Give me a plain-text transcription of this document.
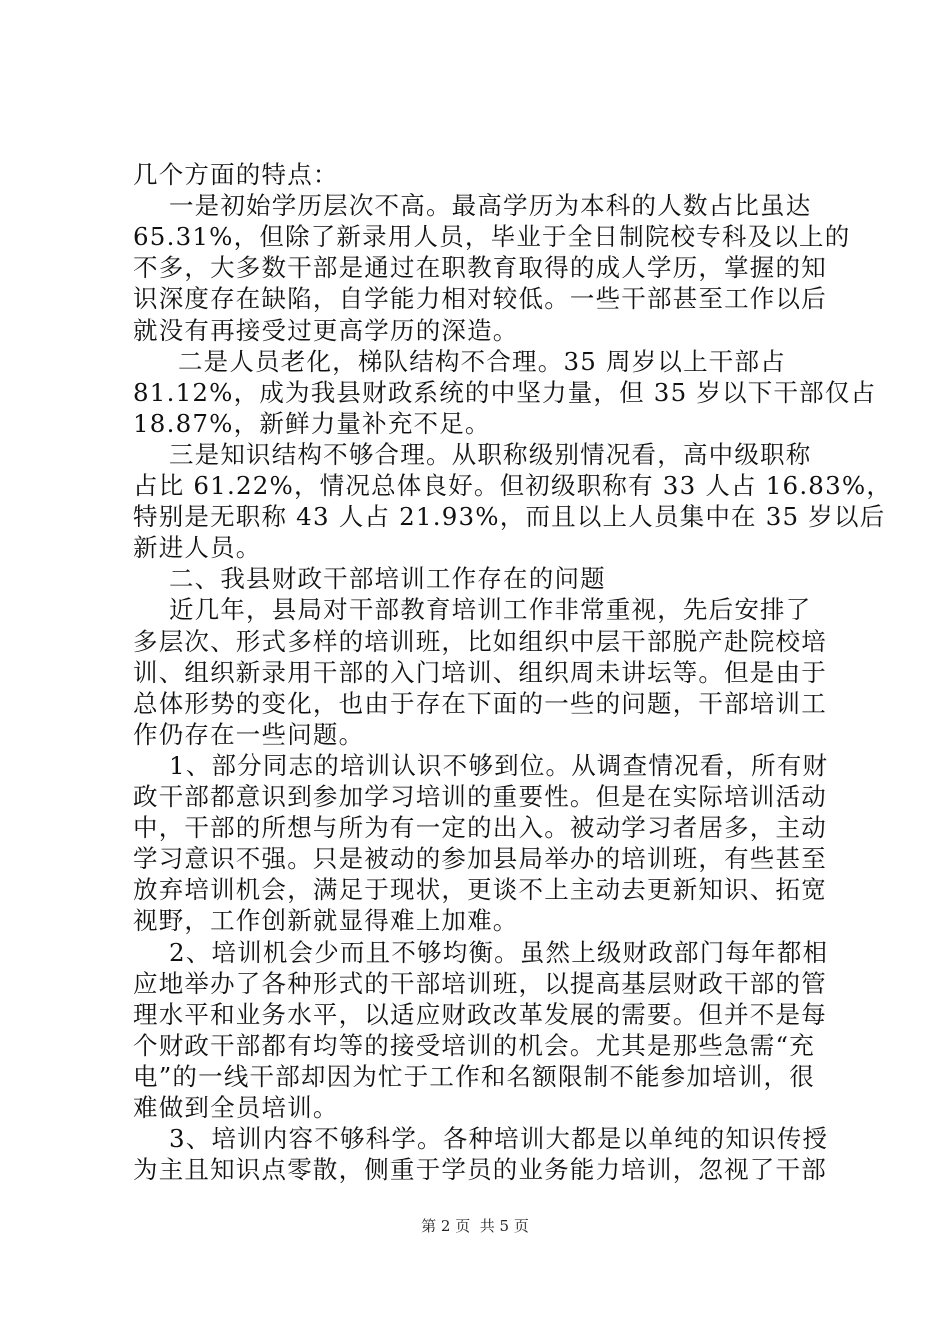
几个方面的特点：
一是初始学历层次不高。最高学历为本科的人数占比虽达
65.31%，但除了新录用人员，毕业于全日制院校专科及以上的
不多，大多数干部是通过在职教育取得的成人学历，掌握的知
识深度存在缺陷，自学能力相对较低。一些干部甚至工作以后
就没有再接受过更高学历的深造。
二是人员老化，梯队结构不合理。35 周岁以上干部占
81.12%，成为我县财政系统的中坚力量，但 35 岁以下干部仅占
18.87%，新鲜力量补充不足。
三是知识结构不够合理。从职称级别情况看，高中级职称
占比 61.22%，情况总体良好。但初级职称有 33 人占 16.83%，
特别是无职称 43 人占 21.93%，而且以上人员集中在 35 岁以后
新进人员。
二、我县财政干部培训工作存在的问题
近几年，县局对干部教育培训工作非常重视，先后安排了
多层次、形式多样的培训班，比如组织中层干部脱产赴院校培
训、组织新录用干部的入门培训、组织周未讲坛等。但是由于
总体形势的变化，也由于存在下面的一些的问题，干部培训工
作仍存在一些问题。
1、部分同志的培训认识不够到位。从调查情况看，所有财
政干部都意识到参加学习培训的重要性。但是在实际培训活动
中，干部的所想与所为有一定的出入。被动学习者居多，主动
学习意识不强。只是被动的参加县局举办的培训班，有些甚至
放弃培训机会，满足于现状，更谈不上主动去更新知识、拓宽
视野，工作创新就显得难上加难。
2、培训机会少而且不够均衡。虽然上级财政部门每年都相
应地举办了各种形式的干部培训班，以提高基层财政干部的管
理水平和业务水平，以适应财政改革发展的需要。但并不是每
个财政干部都有均等的接受培训的机会。尤其是那些急需“充
电”的一线干部却因为忙于工作和名额限制不能参加培训，很
难做到全员培训。
3、培训内容不够科学。各种培训大都是以单纯的知识传授
为主且知识点零散，侧重于学员的业务能力培训，忽视了干部
第 2 页  共 5 页
